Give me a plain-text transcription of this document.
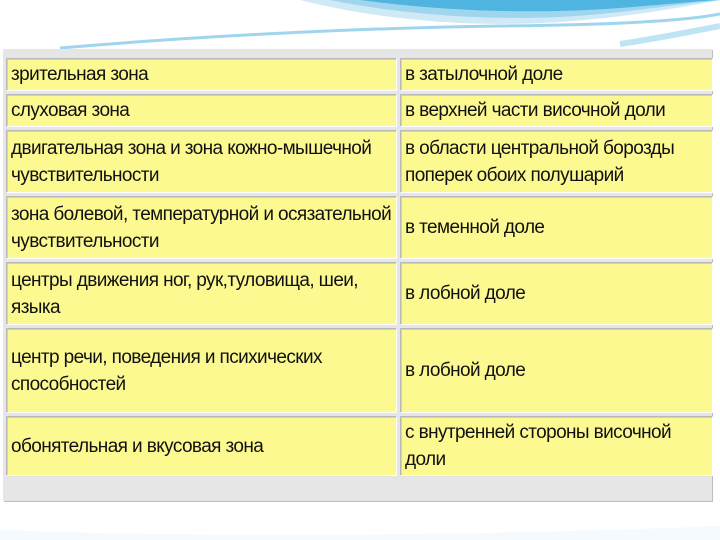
зрительная зона	в затылочной доле
слуховая зона	в верхней части височной доли
двигательная зона и зона кожно-мышечной чувствительности	в области центральной борозды поперек обоих полушарий
зона болевой, температурной и осязательной чувствительности	в теменной доле
центры движения ног, рук,туловища, шеи, языка	в лобной доле
центр речи, поведения и психических способностей	в лобной доле
обонятельная и вкусовая зона	с внутренней стороны височной доли
